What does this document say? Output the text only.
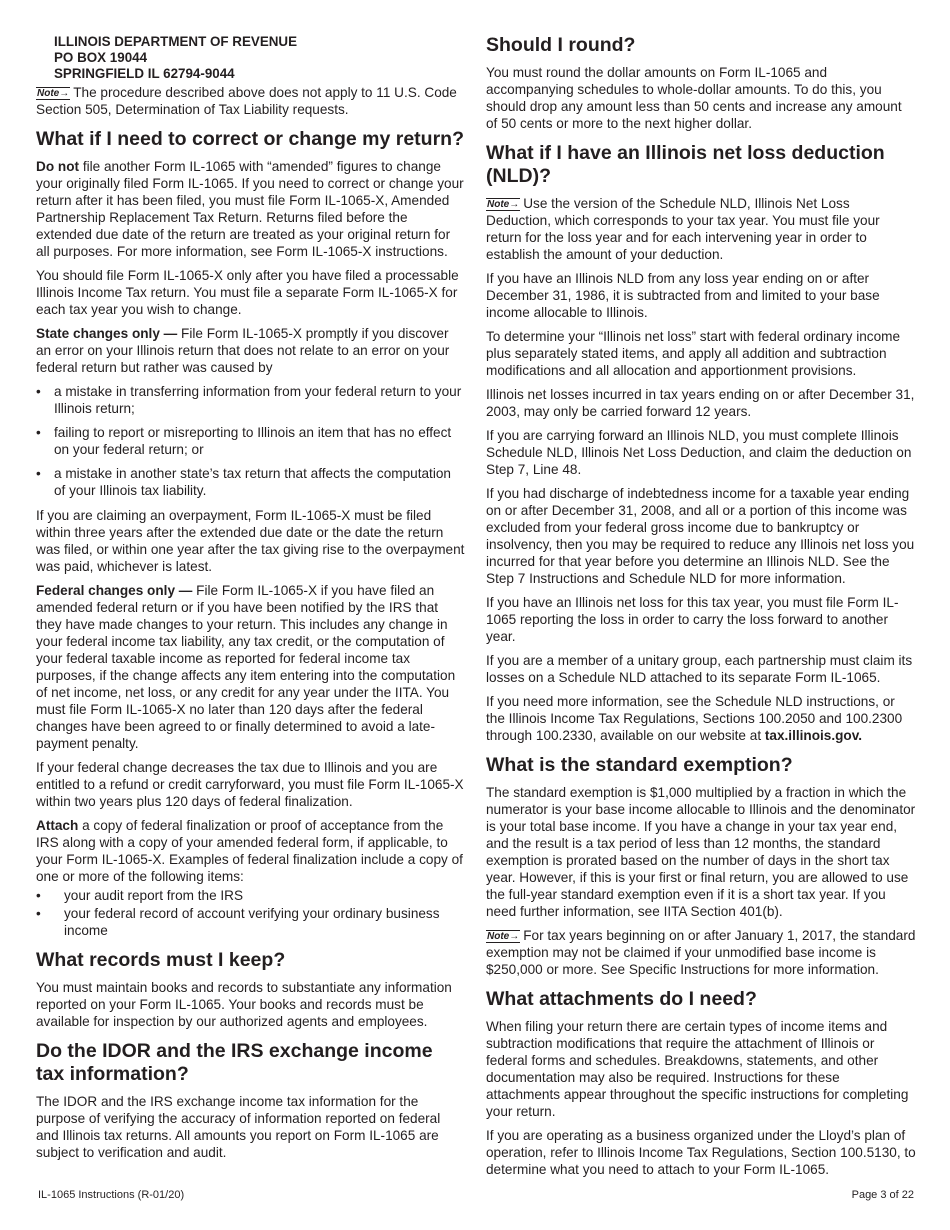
ILLINOIS DEPARTMENT OF REVENUE
PO BOX 19044
SPRINGFIELD IL 62794-9044

Note→ The procedure described above does not apply to 11 U.S. Code Section 505, Determination of Tax Liability requests.

What if I need to correct or change my return?

Do not file another Form IL-1065 with “amended” figures to change your originally filed Form IL-1065. If you need to correct or change your return after it has been filed, you must file Form IL-1065-X, Amended Partnership Replacement Tax Return. Returns filed before the extended due date of the return are treated as your original return for all purposes. For more information, see Form IL-1065-X instructions.

You should file Form IL-1065-X only after you have filed a processable Illinois Income Tax return. You must file a separate Form IL-1065-X for each tax year you wish to change.

State changes only — File Form IL-1065-X promptly if you discover an error on your Illinois return that does not relate to an error on your federal return but rather was caused by

• a mistake in transferring information from your federal return to your Illinois return;
• failing to report or misreporting to Illinois an item that has no effect on your federal return; or
• a mistake in another state’s tax return that affects the computation of your Illinois tax liability.

If you are claiming an overpayment, Form IL-1065-X must be filed within three years after the extended due date or the date the return was filed, or within one year after the tax giving rise to the overpayment was paid, whichever is latest.

Federal changes only — File Form IL-1065-X if you have filed an amended federal return or if you have been notified by the IRS that they have made changes to your return. This includes any change in your federal income tax liability, any tax credit, or the computation of your federal taxable income as reported for federal income tax purposes, if the change affects any item entering into the computation of net income, net loss, or any credit for any year under the IITA. You must file Form IL-1065-X no later than 120 days after the federal changes have been agreed to or finally determined to avoid a late-payment penalty.

If your federal change decreases the tax due to Illinois and you are entitled to a refund or credit carryforward, you must file Form IL-1065-X within two years plus 120 days of federal finalization.

Attach a copy of federal finalization or proof of acceptance from the IRS along with a copy of your amended federal form, if applicable, to your Form IL-1065-X. Examples of federal finalization include a copy of one or more of the following items:

• your audit report from the IRS
• your federal record of account verifying your ordinary business income
What records must I keep?

You must maintain books and records to substantiate any information reported on your Form IL-1065. Your books and records must be available for inspection by our authorized agents and employees.

Do the IDOR and the IRS exchange income tax information?

The IDOR and the IRS exchange income tax information for the purpose of verifying the accuracy of information reported on federal and Illinois tax returns. All amounts you report on Form IL-1065 are subject to verification and audit.

Should I round?

You must round the dollar amounts on Form IL-1065 and accompanying schedules to whole-dollar amounts. To do this, you should drop any amount less than 50 cents and increase any amount of 50 cents or more to the next higher dollar.

What if I have an Illinois net loss deduction (NLD)?

Note→ Use the version of the Schedule NLD, Illinois Net Loss Deduction, which corresponds to your tax year. You must file your return for the loss year and for each intervening year in order to establish the amount of your deduction.

If you have an Illinois NLD from any loss year ending on or after December 31, 1986, it is subtracted from and limited to your base income allocable to Illinois.

To determine your “Illinois net loss” start with federal ordinary income plus separately stated items, and apply all addition and subtraction modifications and all allocation and apportionment provisions.

Illinois net losses incurred in tax years ending on or after December 31, 2003, may only be carried forward 12 years.

If you are carrying forward an Illinois NLD, you must complete Illinois Schedule NLD, Illinois Net Loss Deduction, and claim the deduction on Step 7, Line 48.

If you had discharge of indebtedness income for a taxable year ending on or after December 31, 2008, and all or a portion of this income was excluded from your federal gross income due to bankruptcy or insolvency, then you may be required to reduce any Illinois net loss you incurred for that year before you determine an Illinois NLD. See the Step 7 Instructions and Schedule NLD for more information.

If you have an Illinois net loss for this tax year, you must file Form IL-1065 reporting the loss in order to carry the loss forward to another year.

If you are a member of a unitary group, each partnership must claim its losses on a Schedule NLD attached to its separate Form IL-1065.

If you need more information, see the Schedule NLD instructions, or the Illinois Income Tax Regulations, Sections 100.2050 and 100.2300 through 100.2330, available on our website at tax.illinois.gov.

What is the standard exemption?

The standard exemption is $1,000 multiplied by a fraction in which the numerator is your base income allocable to Illinois and the denominator is your total base income. If you have a change in your tax year end, and the result is a tax period of less than 12 months, the standard exemption is prorated based on the number of days in the short tax year. However, if this is your first or final return, you are allowed to use the full-year standard exemption even if it is a short tax year. If you need further information, see IITA Section 401(b).

Note→ For tax years beginning on or after January 1, 2017, the standard exemption may not be claimed if your unmodified base income is $250,000 or more. See Specific Instructions for more information.

What attachments do I need?

When filing your return there are certain types of income items and subtraction modifications that require the attachment of Illinois or federal forms and schedules. Breakdowns, statements, and other documentation may also be required. Instructions for these attachments appear throughout the specific instructions for completing your return.

If you are operating as a business organized under the Lloyd’s plan of operation, refer to Illinois Income Tax Regulations, Section 100.5130, to determine what you need to attach to your Form IL-1065.

IL-1065 Instructions (R-01/20)	Page 3 of 22
